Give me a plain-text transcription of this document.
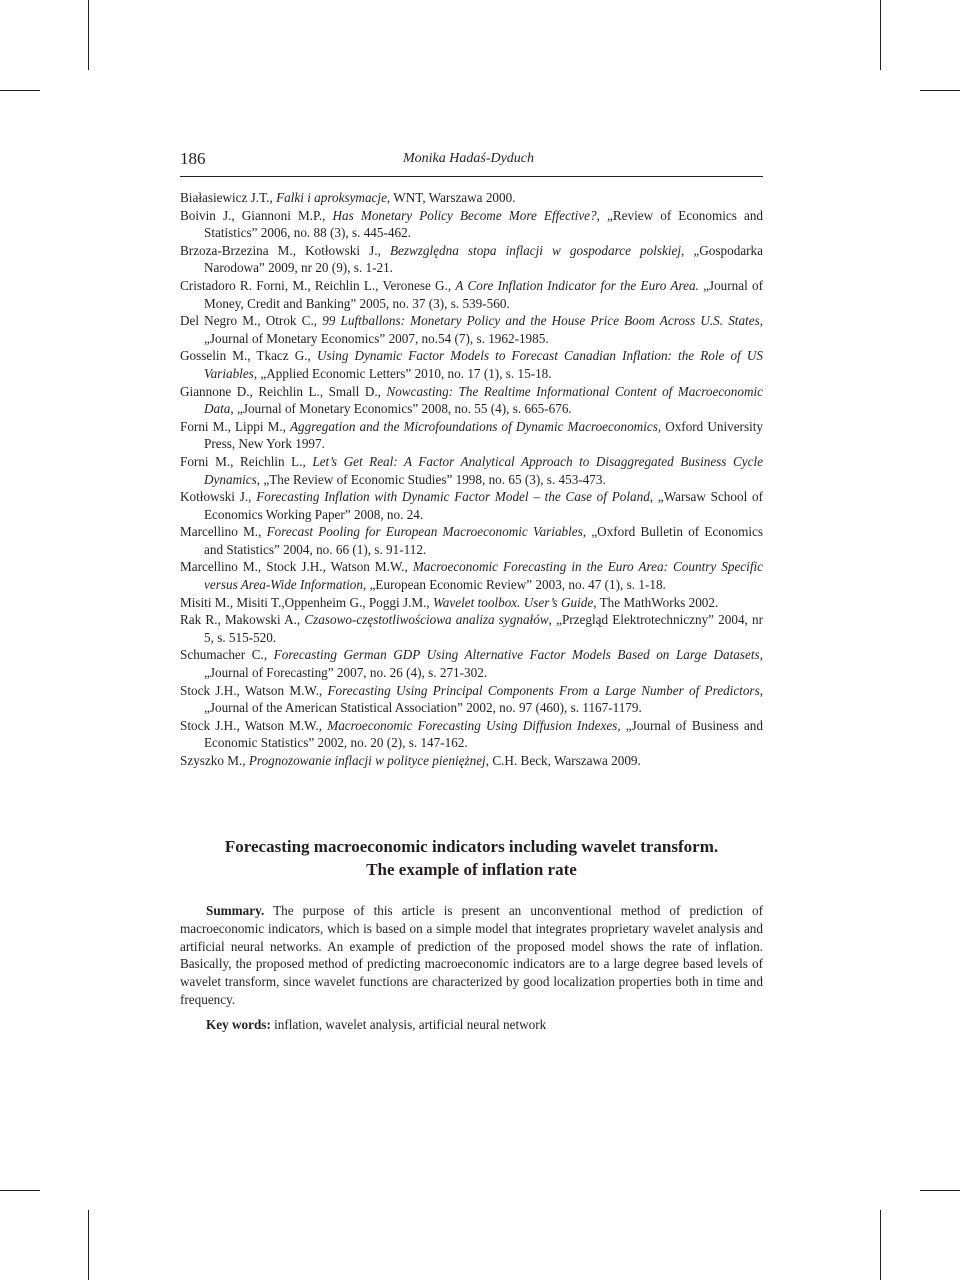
186	Monika Hadaś-Dyduch

Białasiewicz J.T., Falki i aproksymacje, WNT, Warszawa 2000.

Boivin J., Giannoni M.P., Has Monetary Policy Become More Effective?, „Review of Economics and Statistics” 2006, no. 88 (3), s. 445-462.

Brzoza-Brzezina M., Kotłowski J., Bezwzględna stopa inflacji w gospodarce polskiej, „Gospodarka Narodowa” 2009, nr 20 (9), s. 1-21.

Cristadoro R. Forni, M., Reichlin L., Veronese G., A Core Inflation Indicator for the Euro Area. „Journal of Money, Credit and Banking” 2005, no. 37 (3), s. 539-560.

Del Negro M., Otrok C., 99 Luftballons: Monetary Policy and the House Price Boom Across U.S. States, „Journal of Monetary Economics” 2007, no.54 (7), s. 1962-1985.

Gosselin M., Tkacz G., Using Dynamic Factor Models to Forecast Canadian Inflation: the Role of US Variables, „Applied Economic Letters” 2010, no. 17 (1), s. 15-18.

Giannone D., Reichlin L., Small D., Nowcasting: The Realtime Informational Content of Macroeconomic Data, „Journal of Monetary Economics” 2008, no. 55 (4), s. 665-676.

Forni M., Lippi M., Aggregation and the Microfoundations of Dynamic Macroeconomics, Oxford University Press, New York 1997.

Forni M., Reichlin L., Let’s Get Real: A Factor Analytical Approach to Disaggregated Business Cycle Dynamics, „The Review of Economic Studies” 1998, no. 65 (3), s. 453-473.

Kotłowski J., Forecasting Inflation with Dynamic Factor Model – the Case of Poland, „Warsaw School of Economics Working Paper” 2008, no. 24.

Marcellino M., Forecast Pooling for European Macroeconomic Variables, „Oxford Bulletin of Economics and Statistics” 2004, no. 66 (1), s. 91-112.

Marcellino M., Stock J.H., Watson M.W., Macroeconomic Forecasting in the Euro Area: Country Specific versus Area-Wide Information, „European Economic Review” 2003, no. 47 (1), s. 1-18.

Misiti M., Misiti T.,Oppenheim G., Poggi J.M., Wavelet toolbox. User’s Guide, The MathWorks 2002.

Rak R., Makowski A., Czasowo-częstotliwościowa analiza sygnałów, „Przegląd Elektrotechniczny” 2004, nr 5, s. 515-520.

Schumacher C., Forecasting German GDP Using Alternative Factor Models Based on Large Datasets, „Journal of Forecasting” 2007, no. 26 (4), s. 271-302.

Stock J.H., Watson M.W., Forecasting Using Principal Components From a Large Number of Predictors, „Journal of the American Statistical Association” 2002, no. 97 (460), s. 1167-1179.

Stock J.H., Watson M.W., Macroeconomic Forecasting Using Diffusion Indexes, „Journal of Business and Economic Statistics” 2002, no. 20 (2), s. 147-162.

Szyszko M., Prognozowanie inflacji w polityce pieniężnej, C.H. Beck, Warszawa 2009.

Forecasting macroeconomic indicators including wavelet transform.
The example of inflation rate

Summary. The purpose of this article is present an unconventional method of prediction of macroeconomic indicators, which is based on a simple model that integrates proprietary wavelet analysis and artificial neural networks. An example of prediction of the proposed model shows the rate of inflation. Basically, the proposed method of predicting macroeconomic indicators are to a large degree based levels of wavelet transform, since wavelet functions are characterized by good localization properties both in time and frequency.

Key words: inflation, wavelet analysis, artificial neural network
